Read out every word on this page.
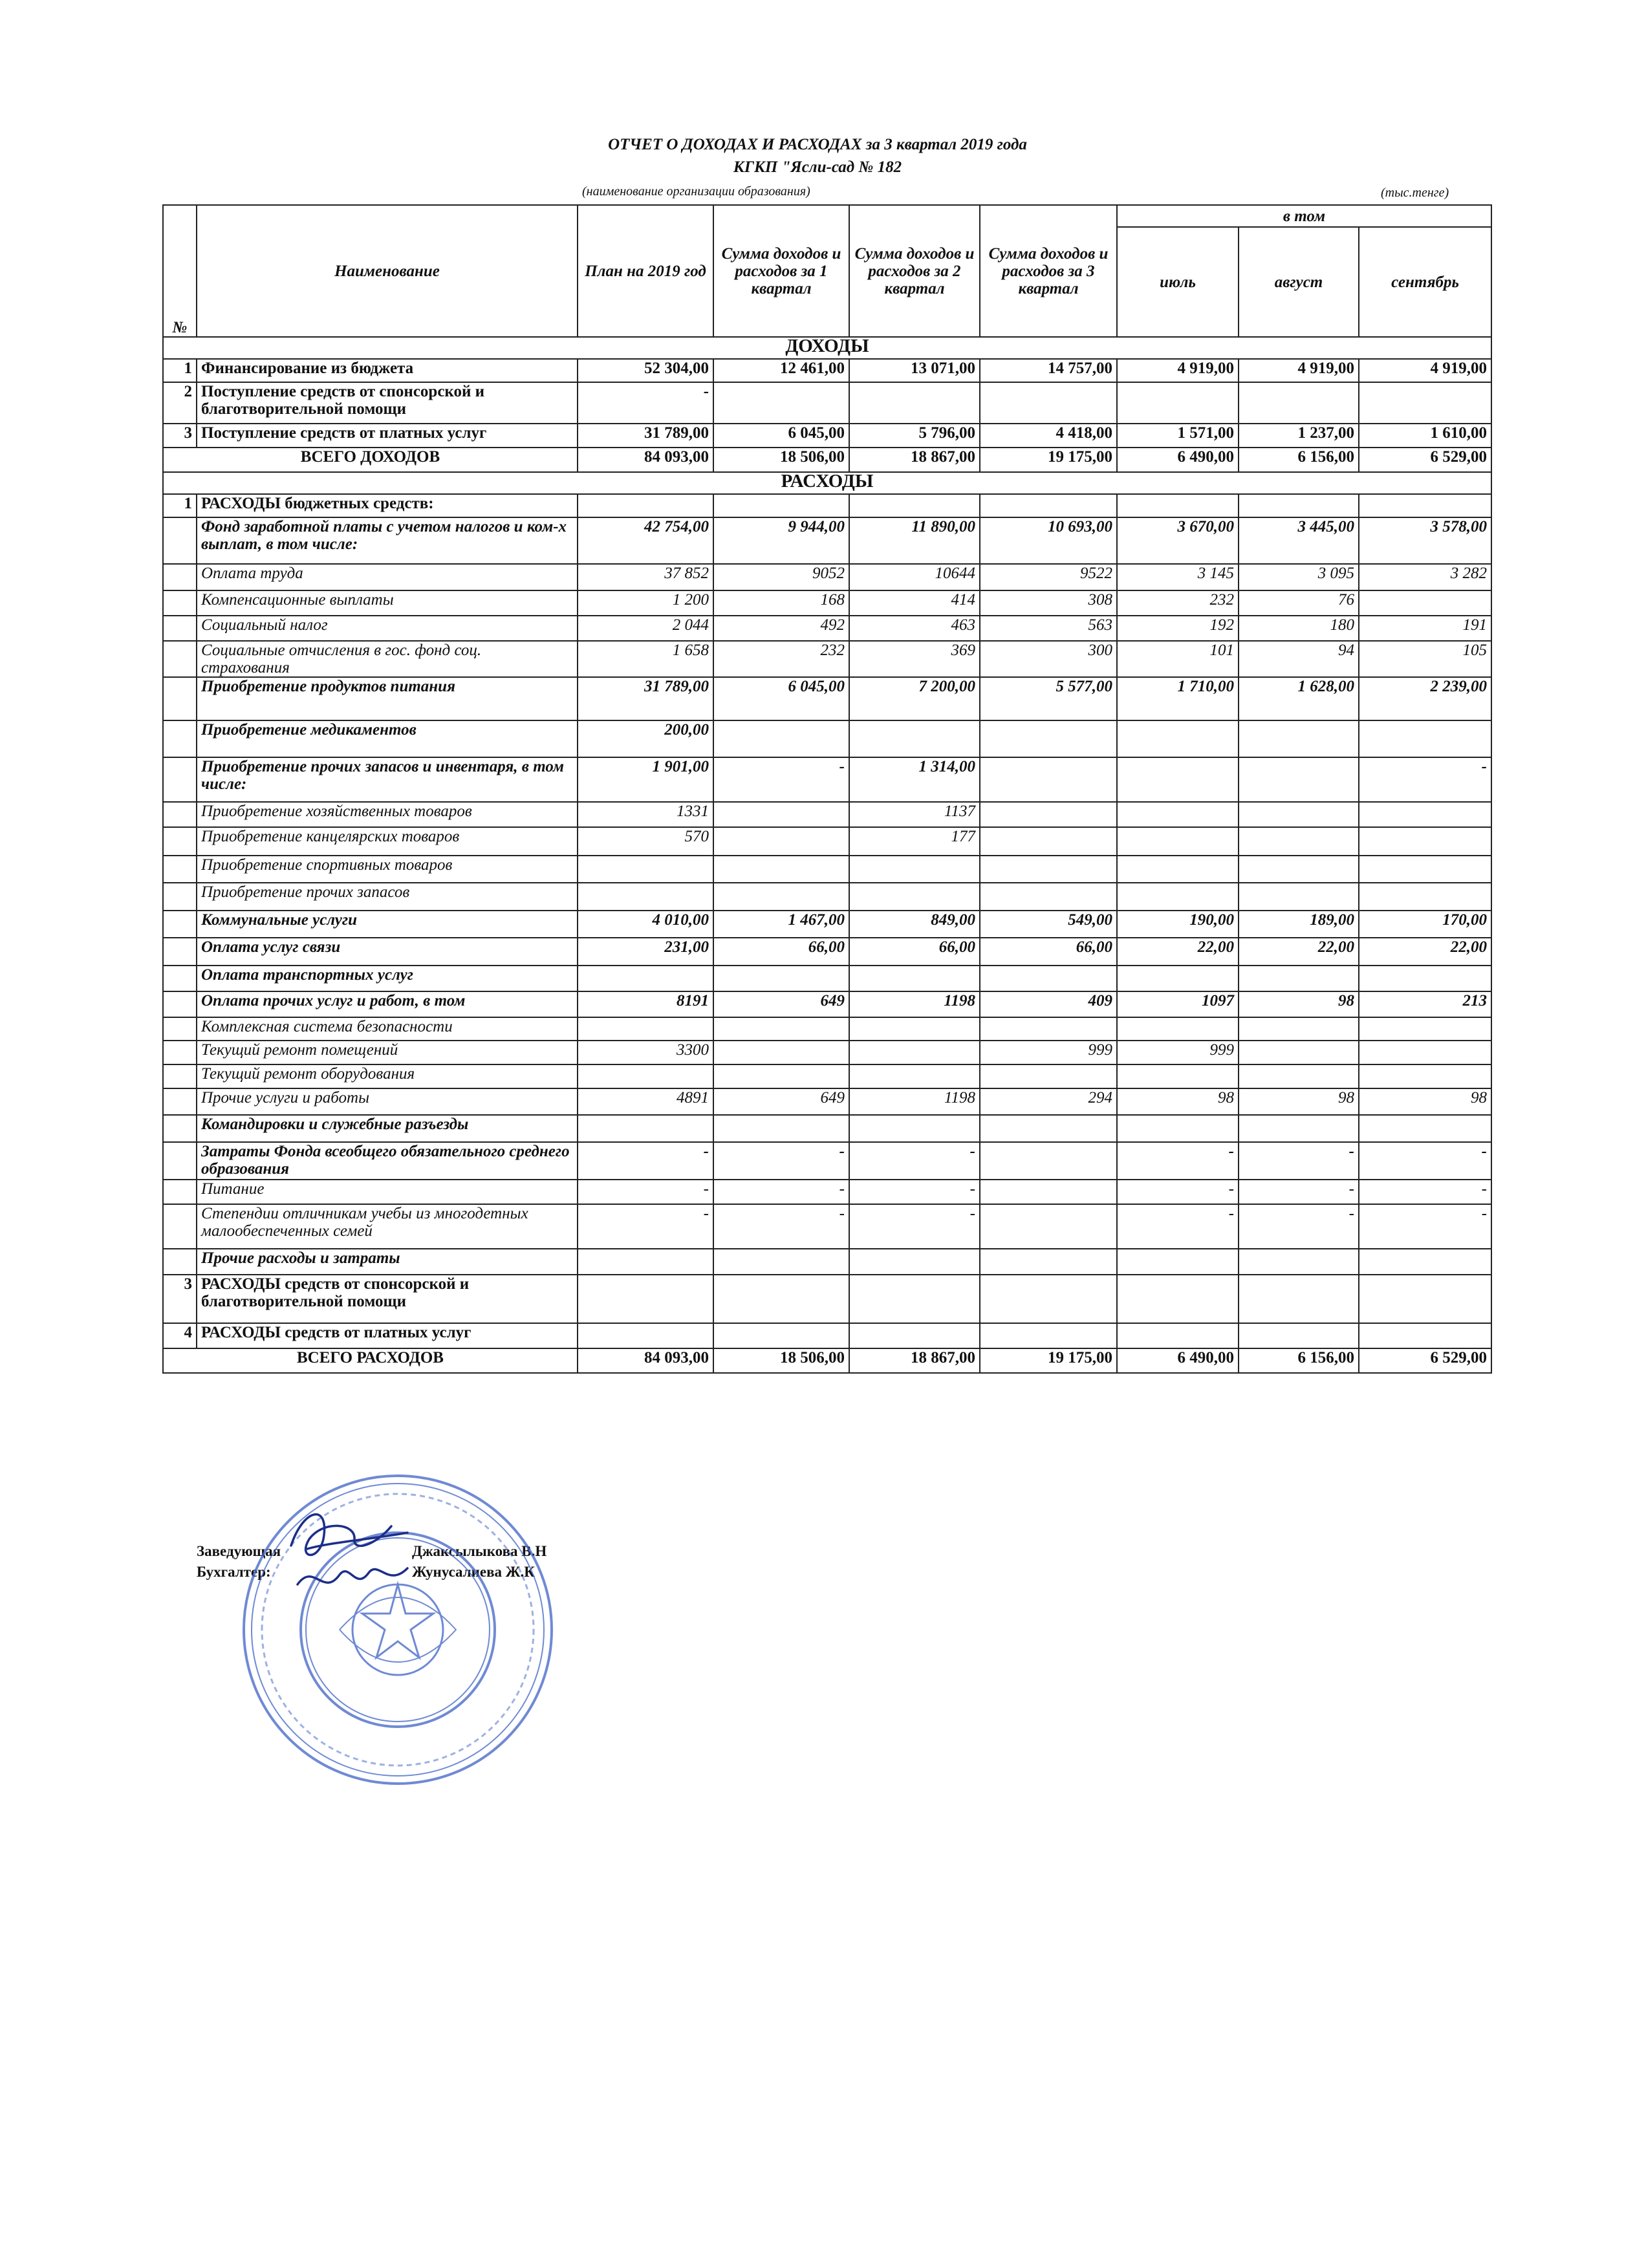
ОТЧЕТ О ДОХОДАХ И РАСХОДАХ за 3 квартал 2019 года
КГКП "Ясли-сад № 182
(наименование организации образования)	(тыс.тенге)
№	Наименование	План на 2019 год	Сумма доходов и расходов за 1 квартал	Сумма доходов и расходов за 2 квартал	Сумма доходов и расходов за 3 квартал	в том		
						июль	август	сентябрь
ДОХОДЫ								
1	Финансирование из бюджета	52 304,00	12 461,00	13 071,00	14 757,00	4 919,00	4 919,00	4 919,00
2	Поступление средств от спонсорской и благотворительной помощи	-						
3	Поступление средств от платных услуг	31 789,00	6 045,00	5 796,00	4 418,00	1 571,00	1 237,00	1 610,00
ВСЕГО ДОХОДОВ		84 093,00	18 506,00	18 867,00	19 175,00	6 490,00	6 156,00	6 529,00
РАСХОДЫ								
1	РАСХОДЫ бюджетных средств:							
	Фонд заработной платы с учетом налогов и ком-х выплат, в том числе:	42 754,00	9 944,00	11 890,00	10 693,00	3 670,00	3 445,00	3 578,00
	Оплата труда	37 852	9052	10644	9522	3 145	3 095	3 282
	Компенсационные выплаты	1 200	168	414	308	232	76	
	Социальный налог	2 044	492	463	563	192	180	191
	Социальные отчисления в гос. фонд соц. страхования	1 658	232	369	300	101	94	105
	Приобретение продуктов питания	31 789,00	6 045,00	7 200,00	5 577,00	1 710,00	1 628,00	2 239,00
	Приобретение медикаментов	200,00						
	Приобретение прочих запасов и инвентаря, в том числе:	1 901,00	-	1 314,00				-
	Приобретение хозяйственных товаров	1331		1137				
	Приобретение канцелярских товаров	570		177				
	Приобретение спортивных товаров							
	Приобретение прочих запасов							
	Коммунальные услуги	4 010,00	1 467,00	849,00	549,00	190,00	189,00	170,00
	Оплата услуг связи	231,00	66,00	66,00	66,00	22,00	22,00	22,00
	Оплата транспортных услуг							
	Оплата прочих услуг и работ, в том	8191	649	1198	409	1097	98	213
	Комплексная система безопасности							
	Текущий ремонт помещений	3300			999	999		
	Текущий ремонт оборудования							
	Прочие услуги и работы	4891	649	1198	294	98	98	98
	Командировки и служебные разъезды							
	Затраты Фонда всеобщего обязательного среднего образования	-	-	-		-	-	-
	Питание	-	-	-		-	-	-
	Степендии отличникам учебы из многодетных малообеспеченных семей	-	-	-		-	-	-
	Прочие расходы и затраты							
3	РАСХОДЫ средств от спонсорской и благотворительной помощи							
4	РАСХОДЫ средств от платных услуг							
ВСЕГО РАСХОДОВ		84 093,00	18 506,00	18 867,00	19 175,00	6 490,00	6 156,00	6 529,00
Заведующая	Джаксылыкова В.Н
Бухгалтер:	Жунусалиева Ж.К
